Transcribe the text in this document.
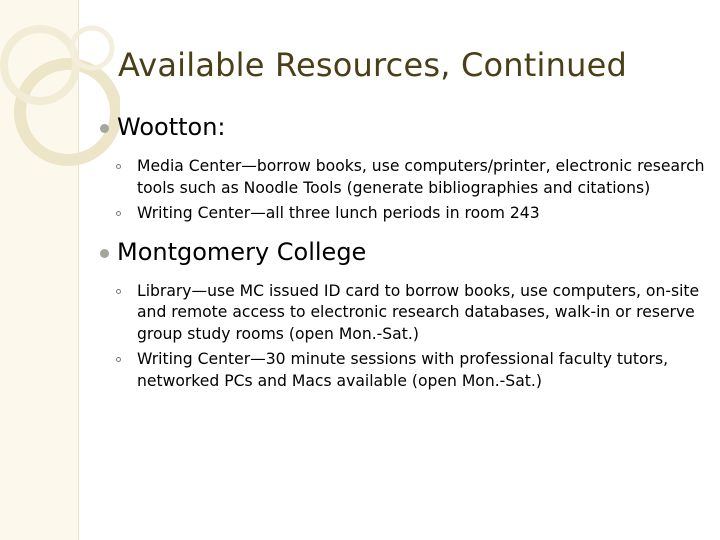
Available Resources, Continued
Wootton:
Media Center—borrow books, use computers/printer, electronic research tools such as Noodle Tools (generate bibliographies and citations)
Writing Center—all three lunch periods in room 243
Montgomery College
Library—use MC issued ID card to borrow books, use computers, on-site and remote access to electronic research databases, walk-in or reserve group study rooms (open Mon.-Sat.)
Writing Center—30 minute sessions with professional faculty tutors, networked PCs and Macs available (open Mon.-Sat.)
